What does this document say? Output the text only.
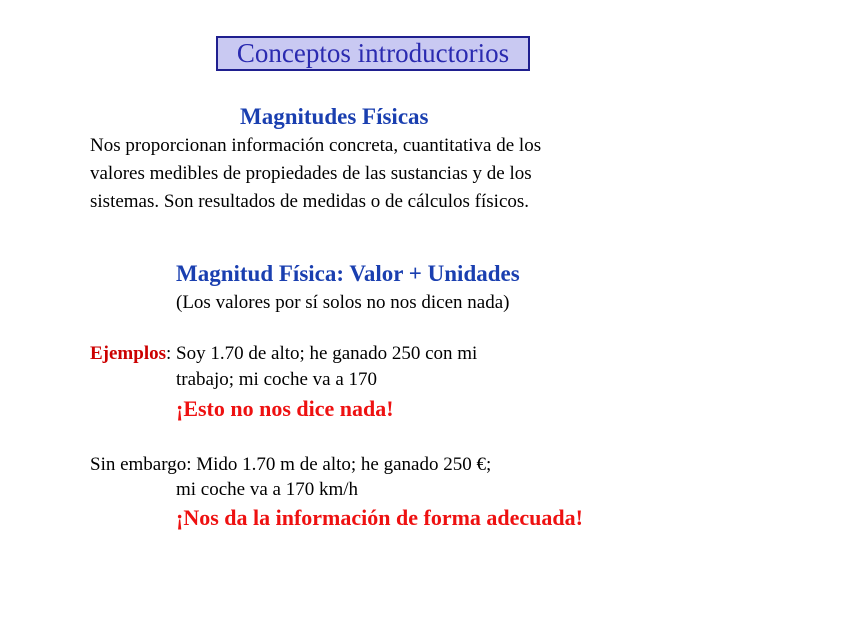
Conceptos introductorios
Magnitudes Físicas
Nos proporcionan información concreta, cuantitativa de los
valores medibles de propiedades de las sustancias y de los
sistemas. Son resultados de medidas o de cálculos físicos.
Magnitud Física: Valor + Unidades
(Los valores por sí solos no nos dicen nada)
Ejemplos: Soy 1.70 de alto; he ganado 250 con mi
trabajo; mi coche va a 170
¡Esto no nos dice nada!
Sin embargo: Mido 1.70 m de alto; he ganado 250 €;
mi coche va a 170 km/h
¡Nos da la información de forma adecuada!
